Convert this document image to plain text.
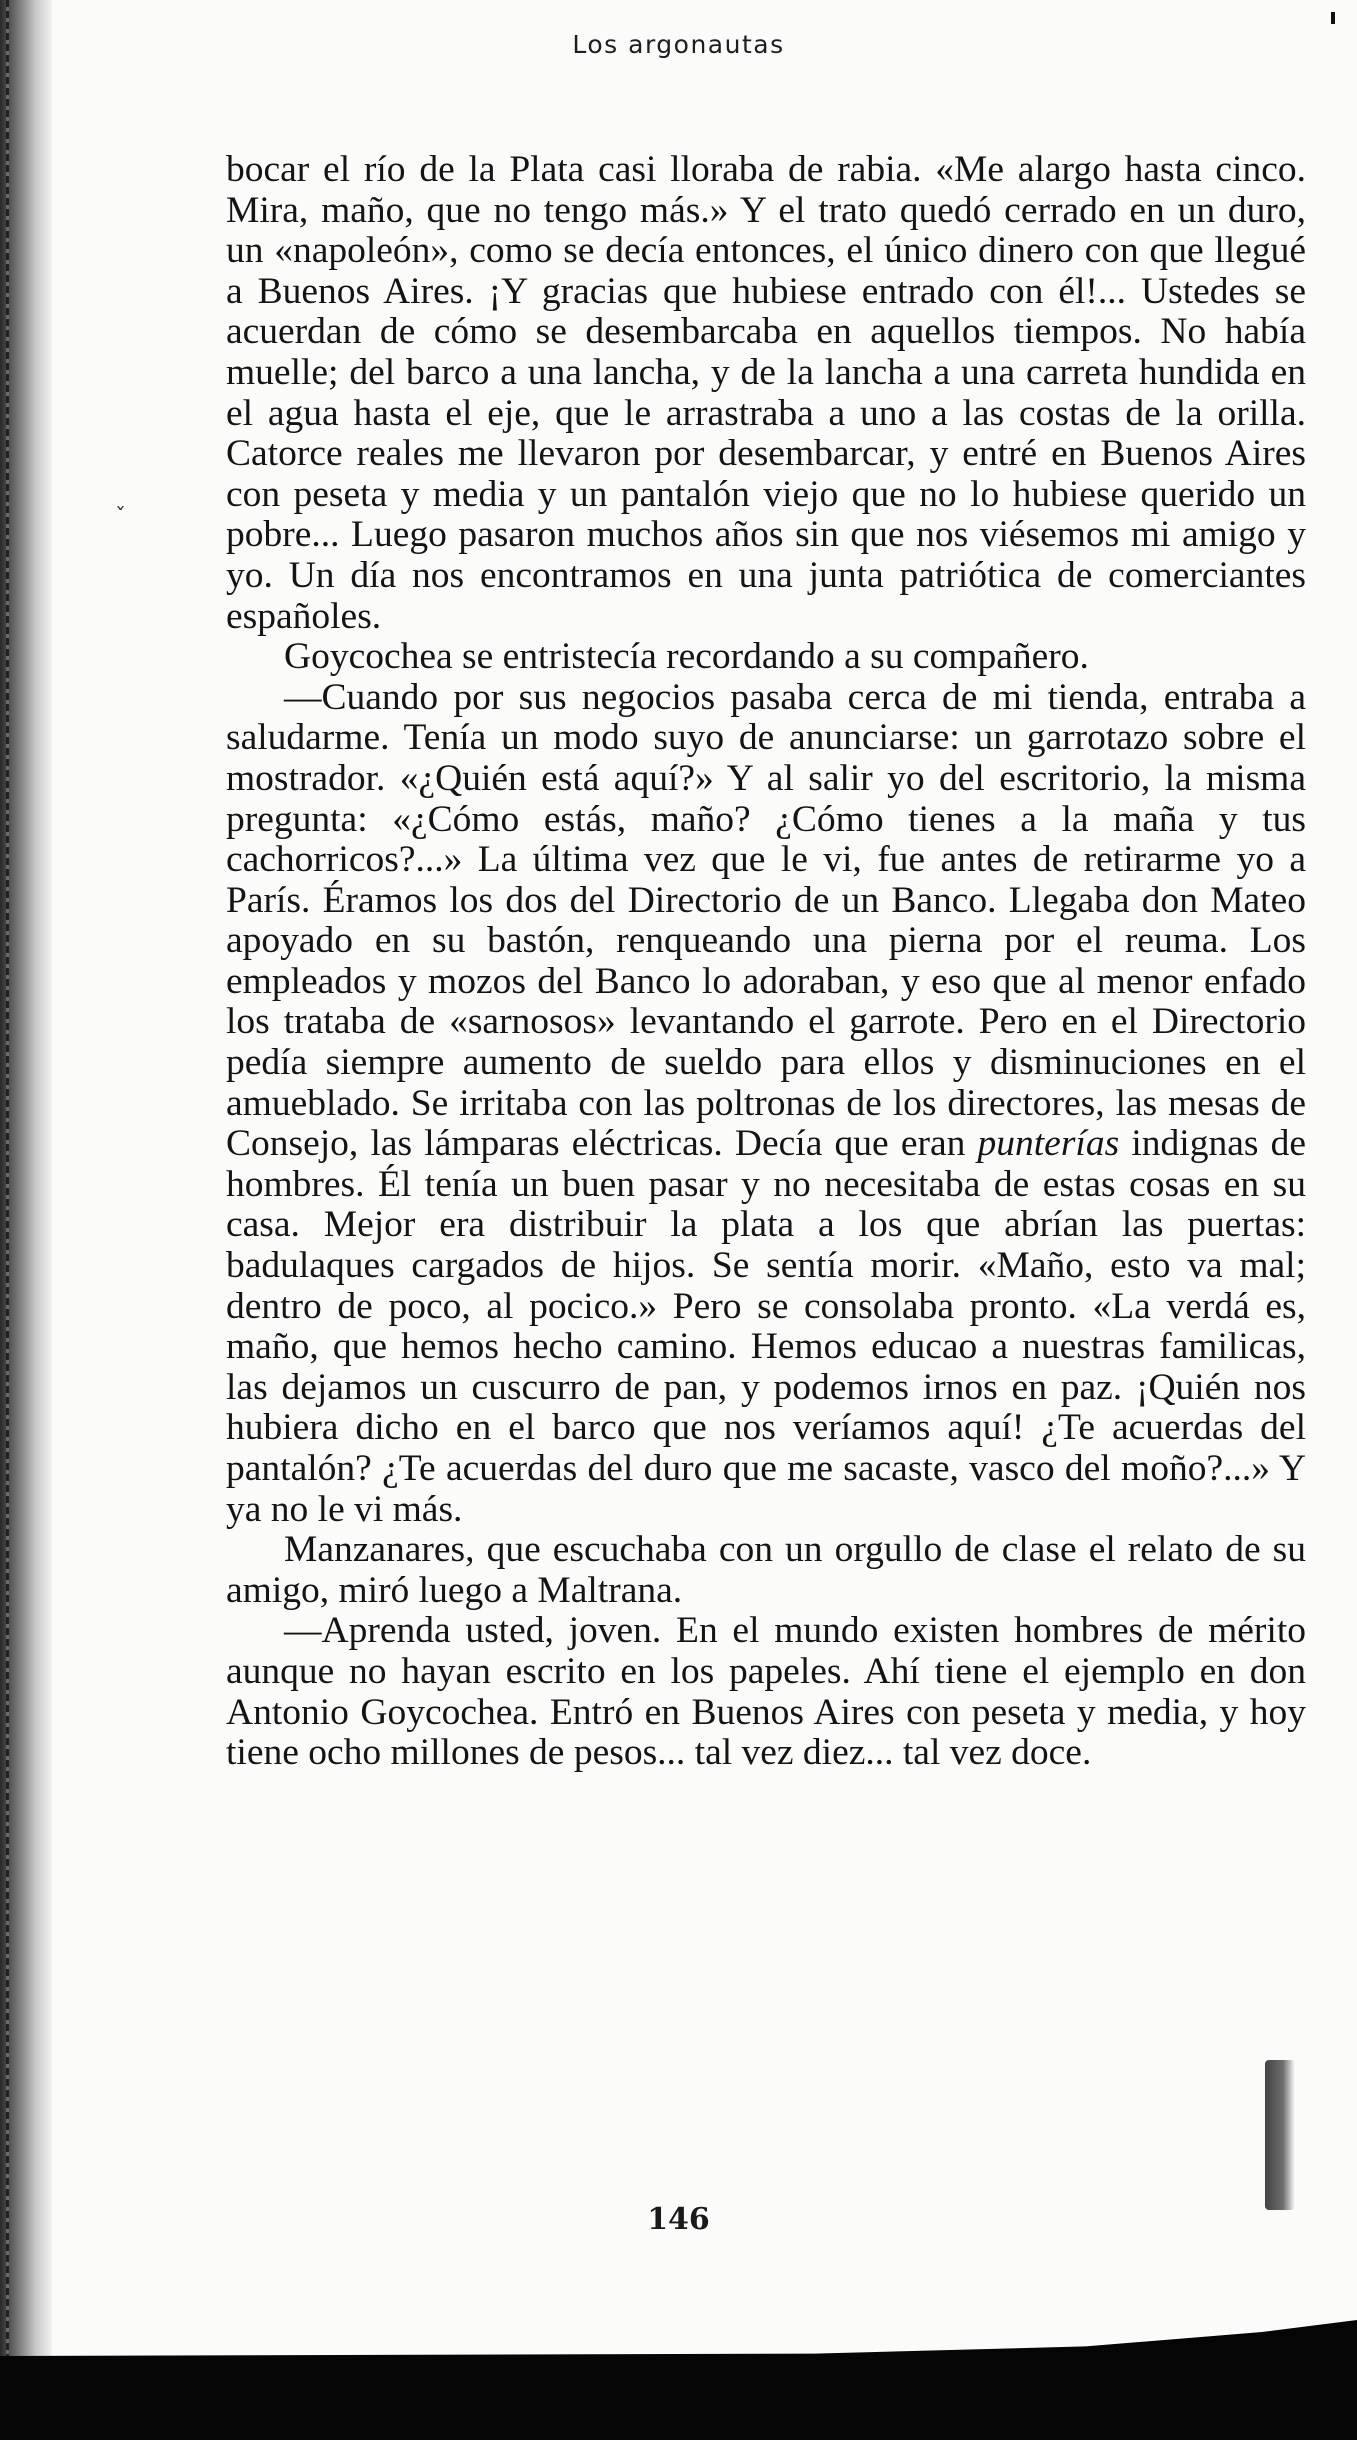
Los argonautas
ˇ

bocar el río de la Plata casi lloraba de rabia. «Me alargo hasta cinco. Mira, maño, que no tengo más.» Y el trato quedó cerrado en un duro, un «napoleón», como se decía entonces, el único dinero con que llegué a Buenos Aires. ¡Y gracias que hubiese entrado con él!... Ustedes se acuerdan de cómo se desembarcaba en aquellos tiempos. No había muelle; del barco a una lancha, y de la lancha a una carreta hundida en el agua hasta el eje, que le arrastraba a uno a las costas de la orilla. Catorce reales me llevaron por desembarcar, y entré en Buenos Aires con peseta y media y un pantalón viejo que no lo hubiese querido un pobre... Luego pasaron muchos años sin que nos viésemos mi amigo y yo. Un día nos encontramos en una junta patriótica de comerciantes españoles.

Goycochea se entristecía recordando a su compañero.

—Cuando por sus negocios pasaba cerca de mi tienda, entraba a saludarme. Tenía un modo suyo de anunciarse: un garrotazo sobre el mostrador. «¿Quién está aquí?» Y al salir yo del escritorio, la misma pregunta: «¿Cómo estás, maño? ¿Cómo tienes a la maña y tus cachorricos?...» La última vez que le vi, fue antes de retirarme yo a París. Éramos los dos del Directorio de un Banco. Llegaba don Mateo apoyado en su bastón, renqueando una pierna por el reuma. Los empleados y mozos del Banco lo adoraban, y eso que al menor enfado los trataba de «sarnosos» levantando el garrote. Pero en el Directorio pedía siempre aumento de sueldo para ellos y disminuciones en el amueblado. Se irritaba con las poltronas de los directores, las mesas de Consejo, las lámparas eléctricas. Decía que eran punterías indignas de hombres. Él tenía un buen pasar y no necesitaba de estas cosas en su casa. Mejor era distribuir la plata a los que abrían las puertas: badulaques cargados de hijos. Se sentía morir. «Maño, esto va mal; dentro de poco, al pocico.» Pero se consolaba pronto. «La verdá es, maño, que hemos hecho camino. Hemos educao a nuestras familicas, las dejamos un cuscurro de pan, y podemos irnos en paz. ¡Quién nos hubiera dicho en el barco que nos veríamos aquí! ¿Te acuerdas del pantalón? ¿Te acuerdas del duro que me sacaste, vasco del moño?...» Y ya no le vi más.

Manzanares, que escuchaba con un orgullo de clase el relato de su amigo, miró luego a Maltrana.

—Aprenda usted, joven. En el mundo existen hombres de mérito aunque no hayan escrito en los papeles. Ahí tiene el ejemplo en don Antonio Goycochea. Entró en Buenos Aires con peseta y media, y hoy tiene ocho millones de pesos... tal vez diez... tal vez doce.

146
